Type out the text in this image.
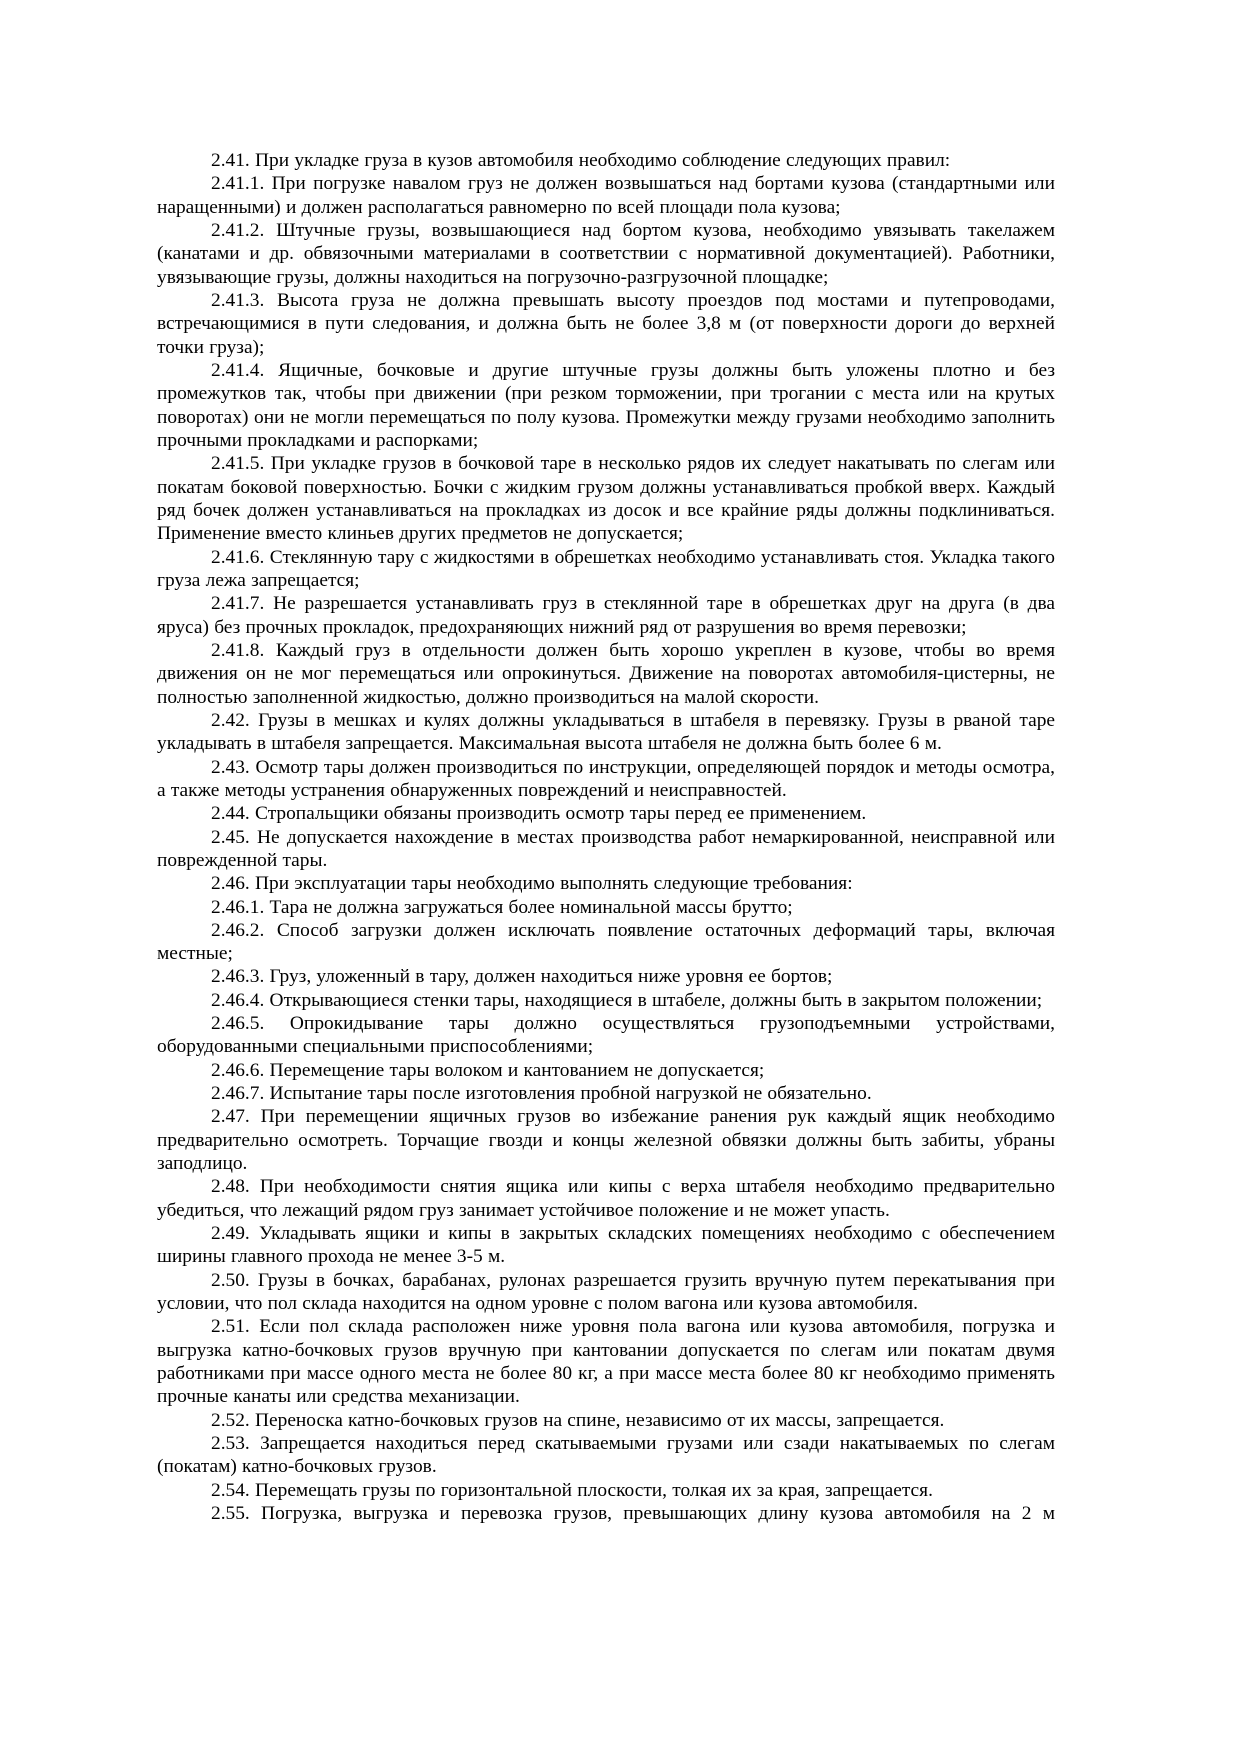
2.41. При укладке груза в кузов автомобиля необходимо соблюдение следующих правил:

2.41.1. При погрузке навалом груз не должен возвышаться над бортами кузова (стандартными или наращенными) и должен располагаться равномерно по всей площади пола кузова;

2.41.2. Штучные грузы, возвышающиеся над бортом кузова, необходимо увязывать такелажем (канатами и др. обвязочными материалами в соответствии с нормативной документацией). Работники, увязывающие грузы, должны находиться на погрузочно-разгрузочной площадке;

2.41.3. Высота груза не должна превышать высоту проездов под мостами и путепроводами, встречающимися в пути следования, и должна быть не более 3,8 м (от поверхности дороги до верхней точки груза);

2.41.4. Ящичные, бочковые и другие штучные грузы должны быть уложены плотно и без промежутков так, чтобы при движении (при резком торможении, при трогании с места или на крутых поворотах) они не могли перемещаться по полу кузова. Промежутки между грузами необходимо заполнить прочными прокладками и распорками;

2.41.5. При укладке грузов в бочковой таре в несколько рядов их следует накатывать по слегам или покатам боковой поверхностью. Бочки с жидким грузом должны устанавливаться пробкой вверх. Каждый ряд бочек должен устанавливаться на прокладках из досок и все крайние ряды должны подклиниваться. Применение вместо клиньев других предметов не допускается;

2.41.6. Стеклянную тару с жидкостями в обрешетках необходимо устанавливать стоя. Укладка такого груза лежа запрещается;

2.41.7. Не разрешается устанавливать груз в стеклянной таре в обрешетках друг на друга (в два яруса) без прочных прокладок, предохраняющих нижний ряд от разрушения во время перевозки;

2.41.8. Каждый груз в отдельности должен быть хорошо укреплен в кузове, чтобы во время движения он не мог перемещаться или опрокинуться. Движение на поворотах автомобиля-цистерны, не полностью заполненной жидкостью, должно производиться на малой скорости.

2.42. Грузы в мешках и кулях должны укладываться в штабеля в перевязку. Грузы в рваной таре укладывать в штабеля запрещается. Максимальная высота штабеля не должна быть более 6 м.

2.43. Осмотр тары должен производиться по инструкции, определяющей порядок и методы осмотра, а также методы устранения обнаруженных повреждений и неисправностей.

2.44. Стропальщики обязаны производить осмотр тары перед ее применением.

2.45. Не допускается нахождение в местах производства работ немаркированной, неисправной или поврежденной тары.

2.46. При эксплуатации тары необходимо выполнять следующие требования:

2.46.1. Тара не должна загружаться более номинальной массы брутто;

2.46.2. Способ загрузки должен исключать появление остаточных деформаций тары, включая местные;

2.46.3. Груз, уложенный в тару, должен находиться ниже уровня ее бортов;

2.46.4. Открывающиеся стенки тары, находящиеся в штабеле, должны быть в закрытом положении;

2.46.5. Опрокидывание тары должно осуществляться грузоподъемными устройствами, оборудованными специальными приспособлениями;

2.46.6. Перемещение тары волоком и кантованием не допускается;

2.46.7. Испытание тары после изготовления пробной нагрузкой не обязательно.

2.47. При перемещении ящичных грузов во избежание ранения рук каждый ящик необходимо предварительно осмотреть. Торчащие гвозди и концы железной обвязки должны быть забиты, убраны заподлицо.

2.48. При необходимости снятия ящика или кипы с верха штабеля необходимо предварительно убедиться, что лежащий рядом груз занимает устойчивое положение и не может упасть.

2.49. Укладывать ящики и кипы в закрытых складских помещениях необходимо с обеспечением ширины главного прохода не менее 3-5 м.

2.50. Грузы в бочках, барабанах, рулонах разрешается грузить вручную путем перекатывания при условии, что пол склада находится на одном уровне с полом вагона или кузова автомобиля.

2.51. Если пол склада расположен ниже уровня пола вагона или кузова автомобиля, погрузка и выгрузка катно-бочковых грузов вручную при кантовании допускается по слегам или покатам двумя работниками при массе одного места не более 80 кг, а при массе места более 80 кг необходимо применять прочные канаты или средства механизации.

2.52. Переноска катно-бочковых грузов на спине, независимо от их массы, запрещается.

2.53. Запрещается находиться перед скатываемыми грузами или сзади накатываемых по слегам (покатам) катно-бочковых грузов.

2.54. Перемещать грузы по горизонтальной плоскости, толкая их за края, запрещается.

2.55. Погрузка, выгрузка и перевозка грузов, превышающих длину кузова автомобиля на 2 м
